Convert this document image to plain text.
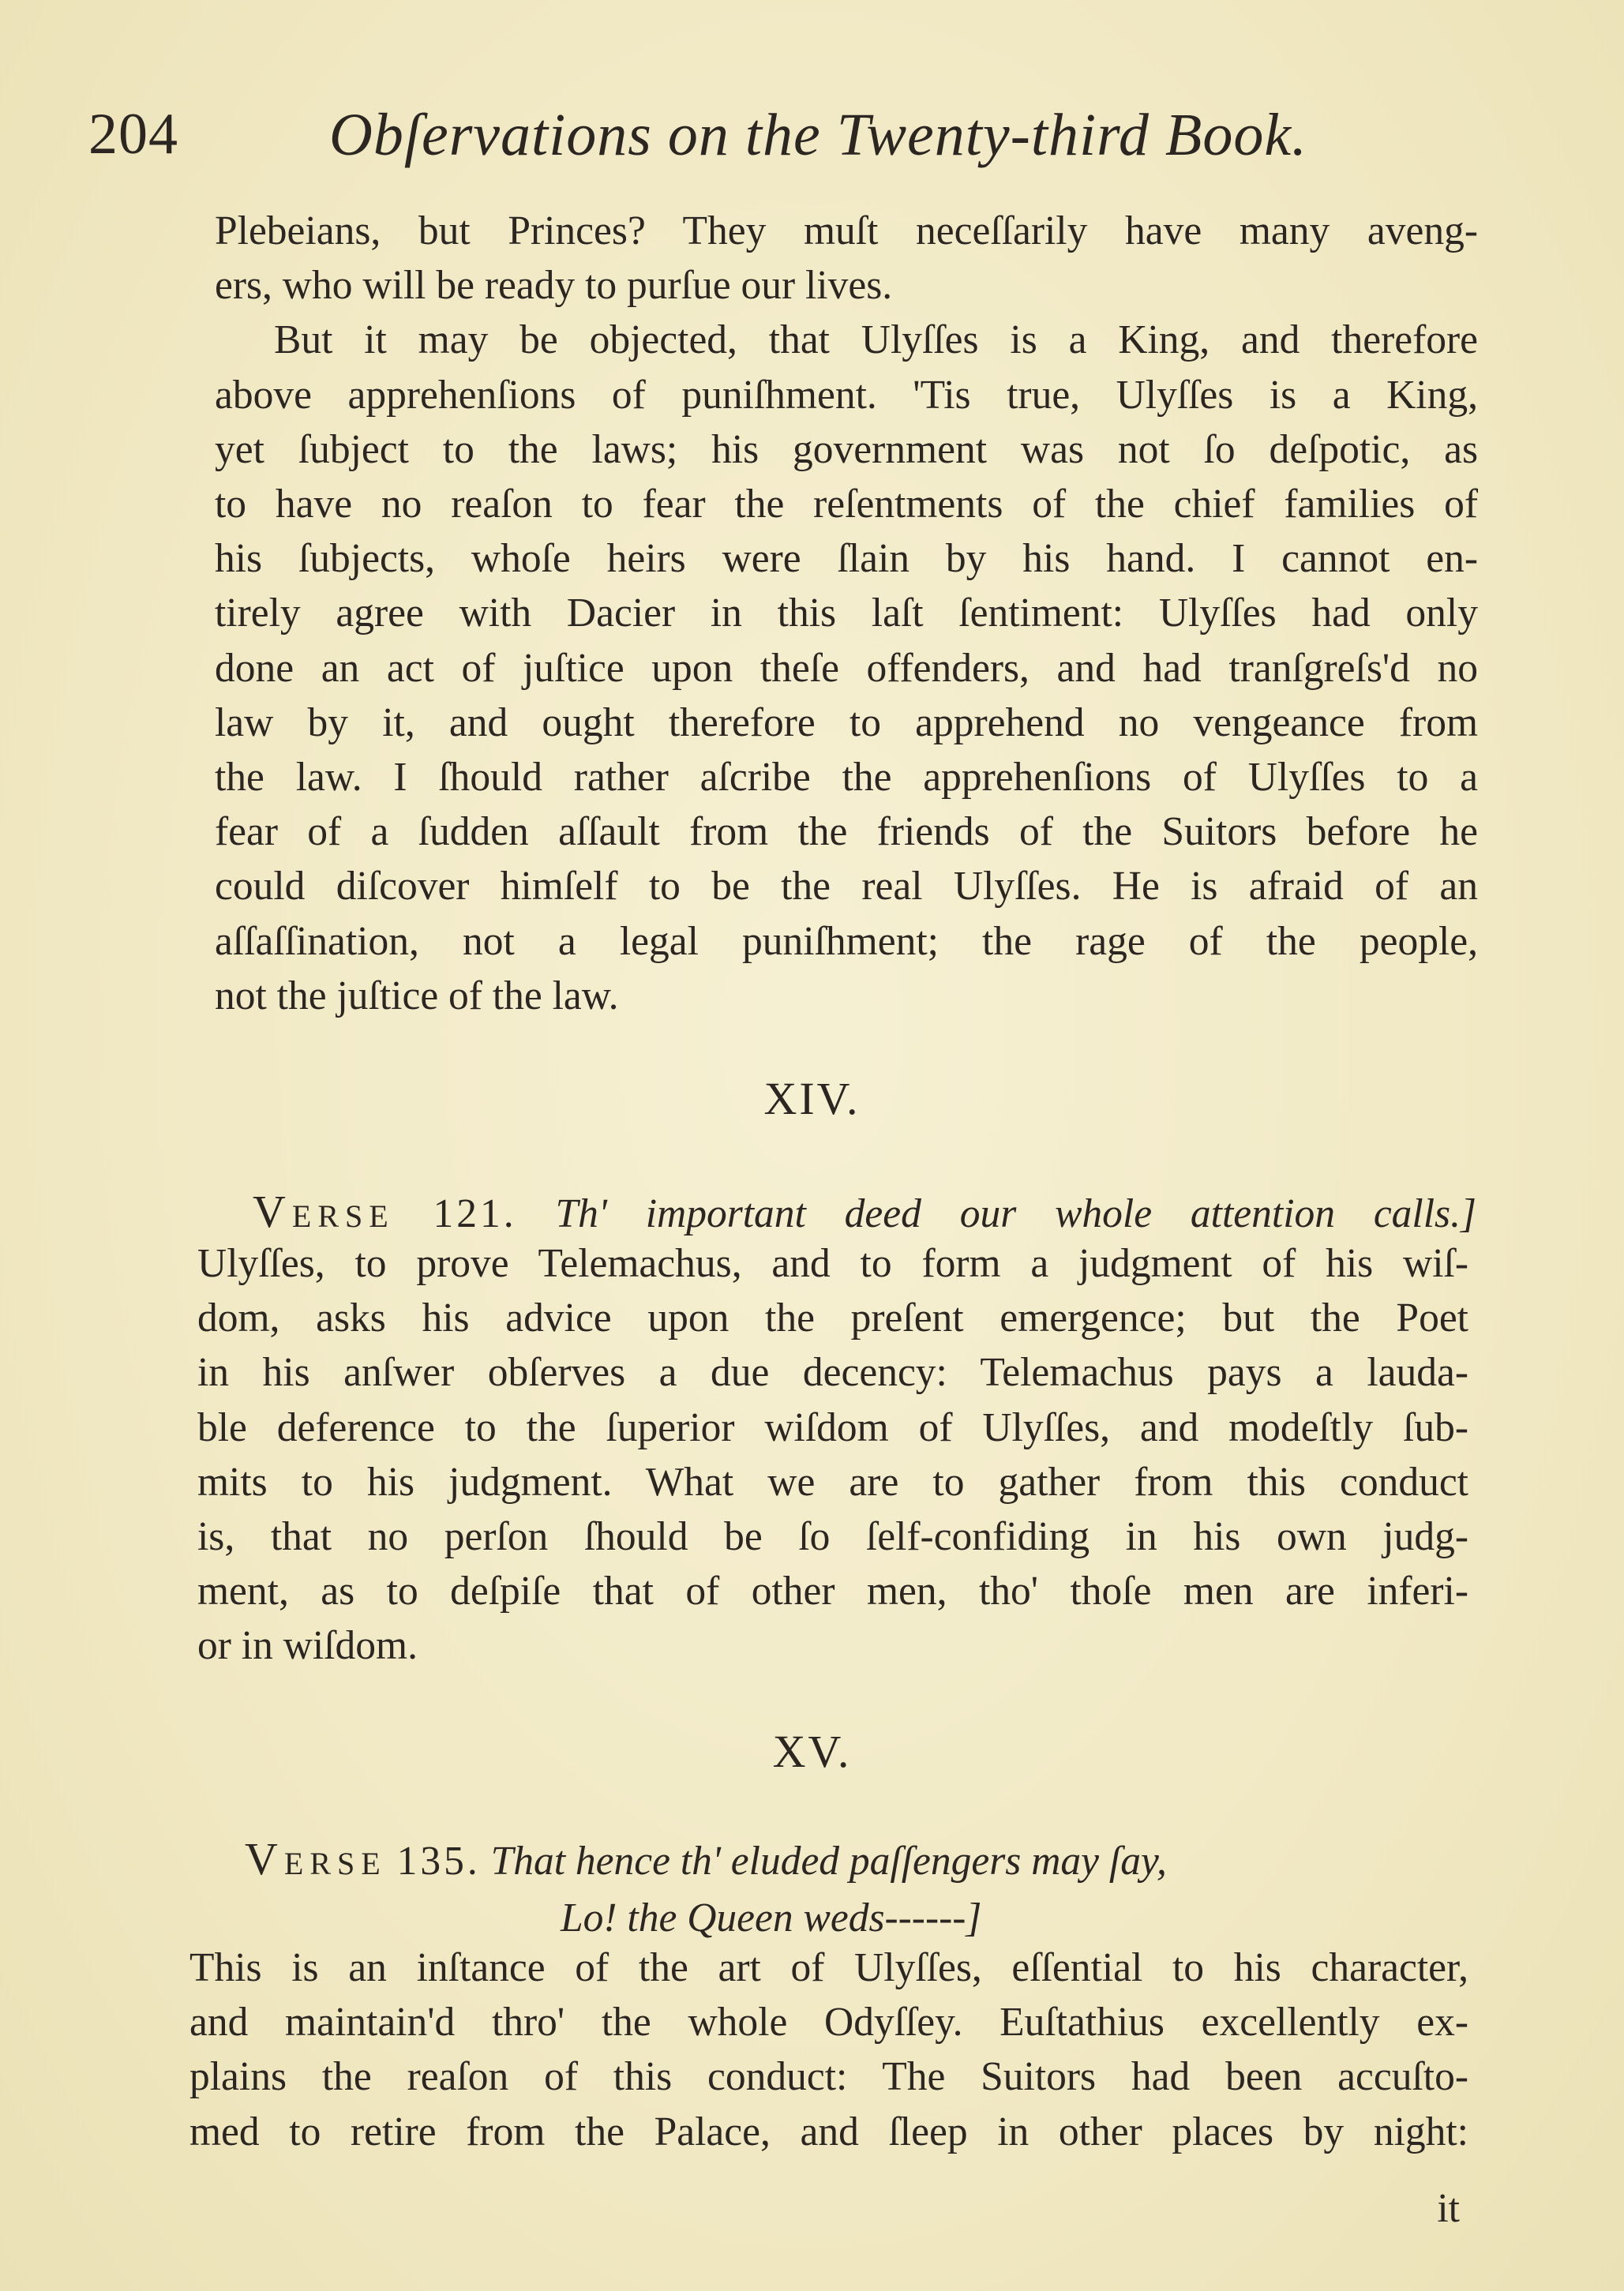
204	Obſervations on the Twenty-third Book.
Plebeians, but Princes? They muſt neceſſarily have many aveng-
ers, who will be ready to purſue our lives.
But it may be objected, that Ulyſſes is a King, and therefore
above apprehenſions of puniſhment. 'Tis true, Ulyſſes is a King,
yet ſubject to the laws; his government was not ſo deſpotic, as
to have no reaſon to fear the reſentments of the chief families of
his ſubjects, whoſe heirs were ſlain by his hand. I cannot en-
tirely agree with Dacier in this laſt ſentiment: Ulyſſes had only
done an act of juſtice upon theſe offenders, and had tranſgreſs'd no
law by it, and ought therefore to apprehend no vengeance from
the law. I ſhould rather aſcribe the apprehenſions of Ulyſſes to a
fear of a ſudden aſſault from the friends of the Suitors before he
could diſcover himſelf to be the real Ulyſſes. He is afraid of an
aſſaſſination, not a legal puniſhment; the rage of the people,
not the juſtice of the law.
XIV.
VERSE 121. Th' important deed our whole attention calls.]
Ulyſſes, to prove Telemachus, and to form a judgment of his wiſ-
dom, asks his advice upon the preſent emergence; but the Poet
in his anſwer obſerves a due decency: Telemachus pays a lauda-
ble deference to the ſuperior wiſdom of Ulyſſes, and modeſtly ſub-
mits to his judgment. What we are to gather from this conduct
is, that no perſon ſhould be ſo ſelf-confiding in his own judg-
ment, as to deſpiſe that of other men, tho' thoſe men are inferi-
or in wiſdom.
XV.
VERSE 135. That hence th' eluded paſſengers may ſay,
Lo! the Queen weds------]
This is an inſtance of the art of Ulyſſes, eſſential to his character,
and maintain'd thro' the whole Odyſſey. Euſtathius excellently ex-
plains the reaſon of this conduct: The Suitors had been accuſto-
med to retire from the Palace, and ſleep in other places by night:
it
